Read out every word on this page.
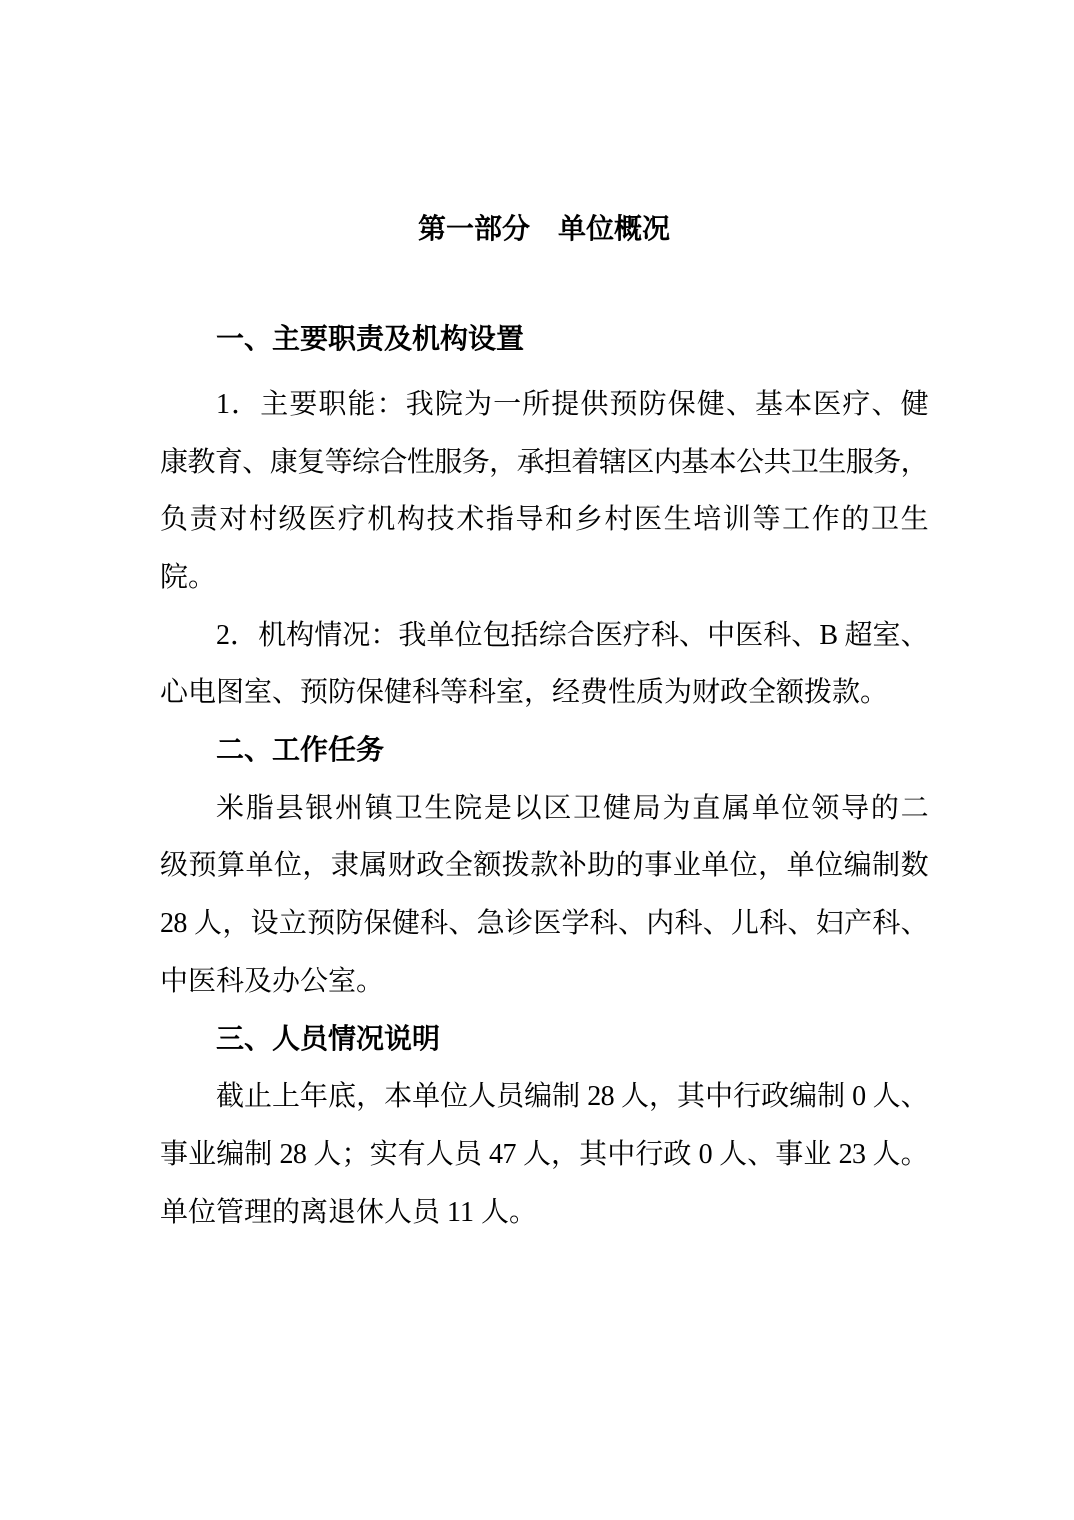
第一部分　单位概况
一、主要职责及机构设置
1．主要职能：我院为一所提供预防保健、基本医疗、健
康教育、康复等综合性服务，承担着辖区内基本公共卫生服务，
负责对村级医疗机构技术指导和乡村医生培训等工作的卫生
院。
2．机构情况：我单位包括综合医疗科、中医科、B 超室、
心电图室、预防保健科等科室，经费性质为财政全额拨款。
二、工作任务
米脂县银州镇卫生院是以区卫健局为直属单位领导的二
级预算单位，隶属财政全额拨款补助的事业单位，单位编制数
28 人，设立预防保健科、急诊医学科、内科、儿科、妇产科、
中医科及办公室。
三、人员情况说明
截止上年底，本单位人员编制 28 人，其中行政编制 0 人、
事业编制 28 人；实有人员 47 人，其中行政 0 人、事业 23 人。
单位管理的离退休人员 11 人。
